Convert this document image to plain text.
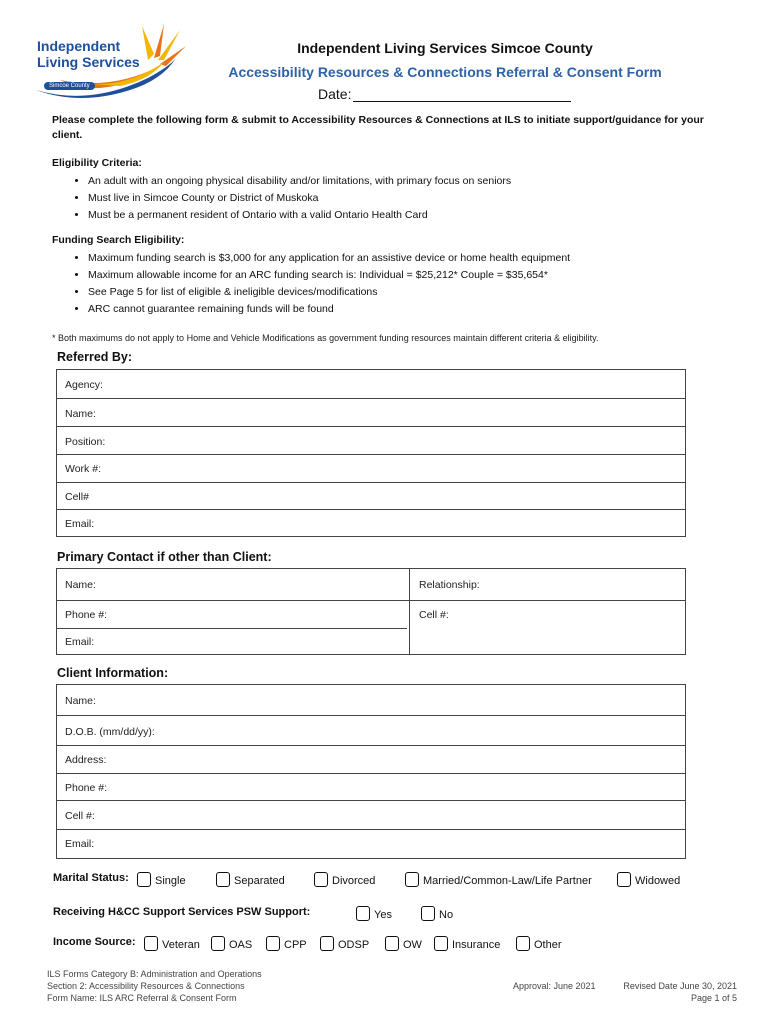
Independent
Living Services
Simcoe County
Independent Living Services Simcoe County
Accessibility Resources & Connections Referral & Consent Form
Date:
Please complete the following form & submit to Accessibility Resources & Connections at ILS to initiate support/guidance for your client.
Eligibility Criteria:
• An adult with an ongoing physical disability and/or limitations, with primary focus on seniors
• Must live in Simcoe County or District of Muskoka
• Must be a permanent resident of Ontario with a valid Ontario Health Card
Funding Search Eligibility:
• Maximum funding search is $3,000 for any application for an assistive device or home health equipment
• Maximum allowable income for an ARC funding search is: Individual = $25,212* Couple = $35,654*
• See Page 5 for list of eligible & ineligible devices/modifications
• ARC cannot guarantee remaining funds will be found
* Both maximums do not apply to Home and Vehicle Modifications as government funding resources maintain different criteria & eligibility.
Referred By:
Agency:
Name:
Position:
Work #:
Cell#
Email:
Primary Contact if other than Client:
Name:	Relationship:
Phone #:	Cell #:
Email:
Client Information:
Name:
D.O.B. (mm/dd/yy):
Address:
Phone #:
Cell #:
Email:
Marital Status:	Single	Separated	Divorced	Married/Common-Law/Life Partner	Widowed
Receiving H&CC Support Services PSW Support:	Yes	No
Income Source:	Veteran	OAS	CPP	ODSP	OW	Insurance	Other
ILS Forms Category B: Administration and Operations
Section 2: Accessibility Resources & Connections
Form Name: ILS ARC Referral & Consent Form
Approval: June 2021	Revised Date June 30, 2021
Page 1 of 5
